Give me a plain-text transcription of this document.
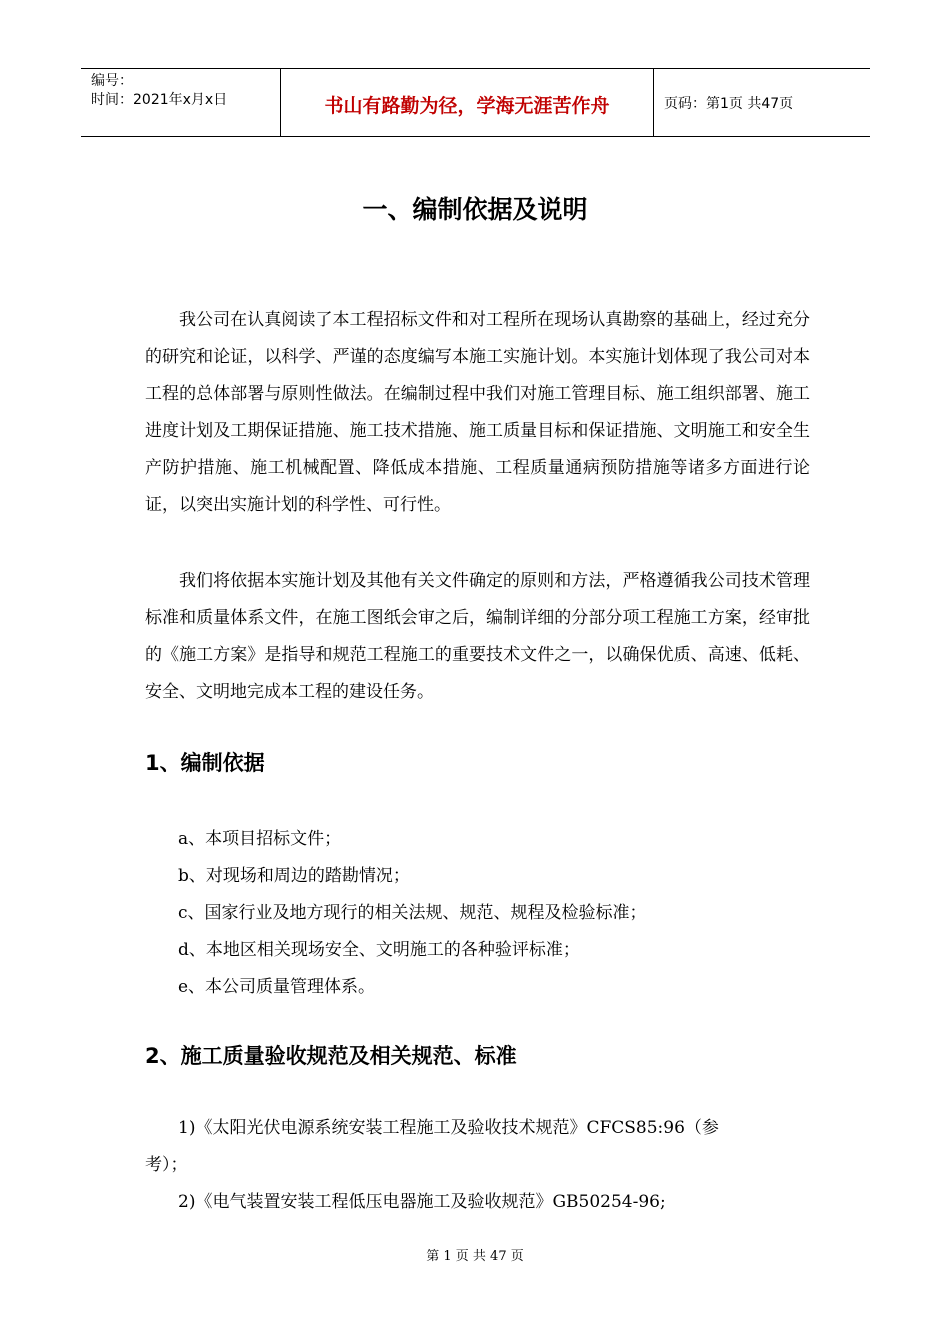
编号：
时间：2021年x月x日	书山有路勤为径，学海无涯苦作舟	页码：第1页 共47页
一、编制依据及说明

我公司在认真阅读了本工程招标文件和对工程所在现场认真勘察的基础上，经过充分的研究和论证，以科学、严谨的态度编写本施工实施计划。本实施计划体现了我公司对本工程的总体部署与原则性做法。在编制过程中我们对施工管理目标、施工组织部署、施工进度计划及工期保证措施、施工技术措施、施工质量目标和保证措施、文明施工和安全生产防护措施、施工机械配置、降低成本措施、工程质量通病预防措施等诸多方面进行论证，以突出实施计划的科学性、可行性。

我们将依据本实施计划及其他有关文件确定的原则和方法，严格遵循我公司技术管理标准和质量体系文件，在施工图纸会审之后，编制详细的分部分项工程施工方案，经审批的《施工方案》是指导和规范工程施工的重要技术文件之一，以确保优质、高速、低耗、安全、文明地完成本工程的建设任务。

1、编制依据
a、本项目招标文件；
b、对现场和周边的踏勘情况；
c、国家行业及地方现行的相关法规、规范、规程及检验标准；
d、本地区相关现场安全、文明施工的各种验评标准；
e、本公司质量管理体系。
2、施工质量验收规范及相关规范、标准
1)《太阳光伏电源系统安装工程施工及验收技术规范》CFCS85:96（参
考）；
2)《电气装置安装工程低压电器施工及验收规范》GB50254-96;
第 1 页 共 47 页
